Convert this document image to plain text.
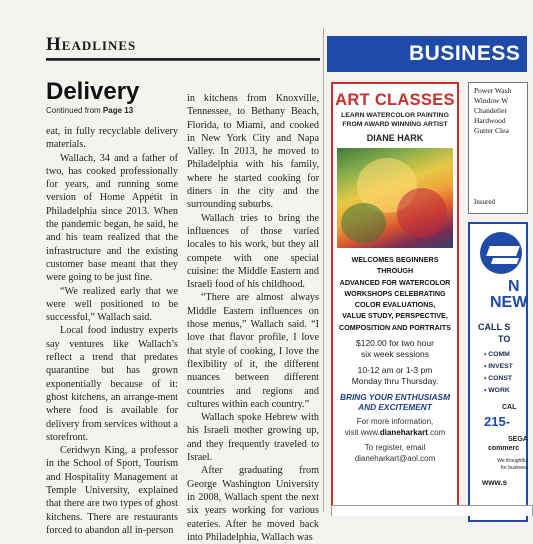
Headlines
Delivery
Continued from Page 13

eat, in fully recyclable delivery materials.

Wallach, 34 and a father of two, has cooked professionally for years, and running some version of Home Appétit in Philadelphia since 2013. When the pandemic began, he said, he and his team realized that the infrastructure and the existing customer base meant that they were going to be just fine.

“We realized early that we were well positioned to be successful,” Wallach said.

Local food industry experts say ventures like Wallach’s reflect a trend that predates quarantine but has grown exponentially because of it: ghost kitchens, an arrange-ment where food is available for delivery from services without a storefront.

Ceridwyn King, a professor in the School of Sport, Tourism and Hospitality Management at Temple University, explained that there are two types of ghost kitchens. There are restaurants forced to abandon all in-person

in kitchens from Knoxville, Tennessee, to Bethany Beach, Florida, to Miami, and cooked in New York City and Napa Valley. In 2013, he moved to Philadelphia with his family, where he started cooking for diners in the city and the surrounding suburbs.

Wallach tries to bring the influences of those varied locales to his work, but they all compete with one special cuisine: the Middle Eastern and Israeli food of his childhood.

“There are almost always Middle Eastern influences on those menus,” Wallach said. “I love that flavor profile, I love that style of cooking, I love the flexibility of it, the different nuances between different countries and regions and cultures within each country.”

Wallach spoke Hebrew with his Israeli mother growing up, and they frequently traveled to Israel.

After graduating from George Washington University in 2008, Wallach spent the next six years working for various eateries. After he moved back into Philadelphia, Wallach was

BUSINESS
ART CLASSES
LEARN WATERCOLOR PAINTING
FROM AWARD WINNING ARTIST
DIANE HARK
WELCOMES BEGINNERS THROUGH
ADVANCED FOR WATERCOLOR
WORKSHOPS CELEBRATING
COLOR EVALUATIONS,
VALUE STUDY, PERSPECTIVE,
COMPOSITION AND PORTRAITS
$120.00 for two hour
six week sessions
10-12 am or 1-3 pm
Monday thru Thursday.
BRING YOUR ENTHUSIASM
AND EXCITEMENT
For more information,
visit www.dianeharkart.com
To register, email
dianeharkart@aol.com
Power Wash
Window W
Chandelier
Hardwood
Gutter Clea
Insured
N
NEW
CALL S
TO
• COMM
• INVEST
• CONST
• WORK
CAL
215-
SEGA
commerc
We thoughtful
for business
www.s
